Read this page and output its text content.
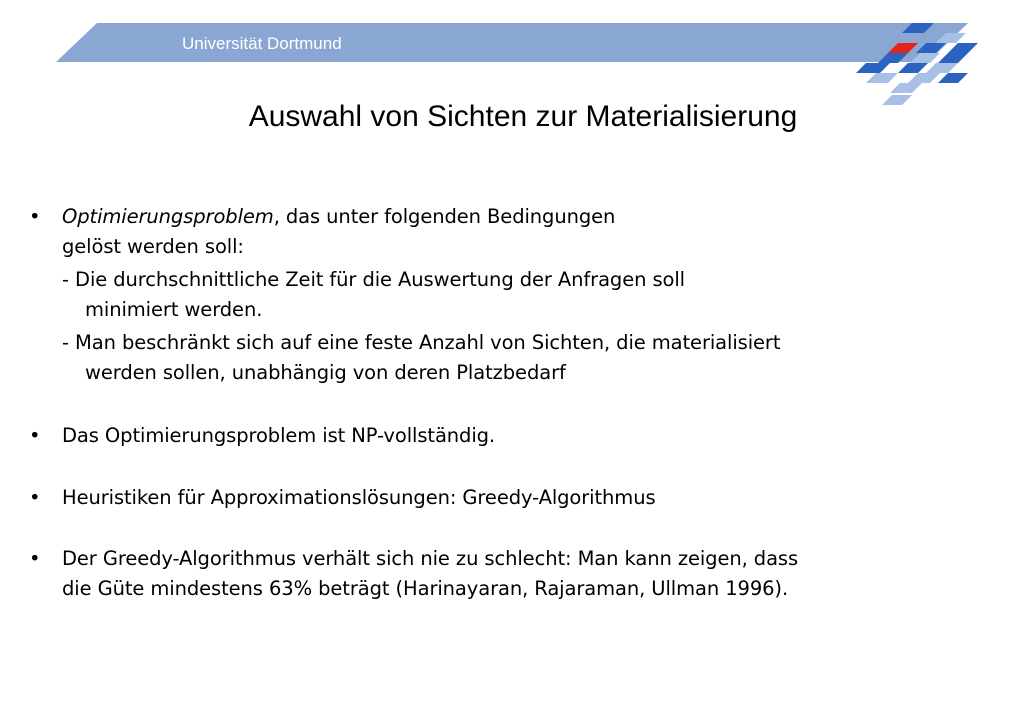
Universität Dortmund
Auswahl von Sichten zur Materialisierung
• Optimierungsproblem, das unter folgenden Bedingungen
gelöst werden soll:
- Die durchschnittliche Zeit für die Auswertung der Anfragen soll
minimiert werden.
- Man beschränkt sich auf eine feste Anzahl von Sichten, die materialisiert
werden sollen, unabhängig von deren Platzbedarf
• Das Optimierungsproblem ist NP-vollständig.
• Heuristiken für Approximationslösungen: Greedy-Algorithmus
• Der Greedy-Algorithmus verhält sich nie zu schlecht: Man kann zeigen, dass
die Güte mindestens 63% beträgt (Harinayaran, Rajaraman, Ullman 1996).
